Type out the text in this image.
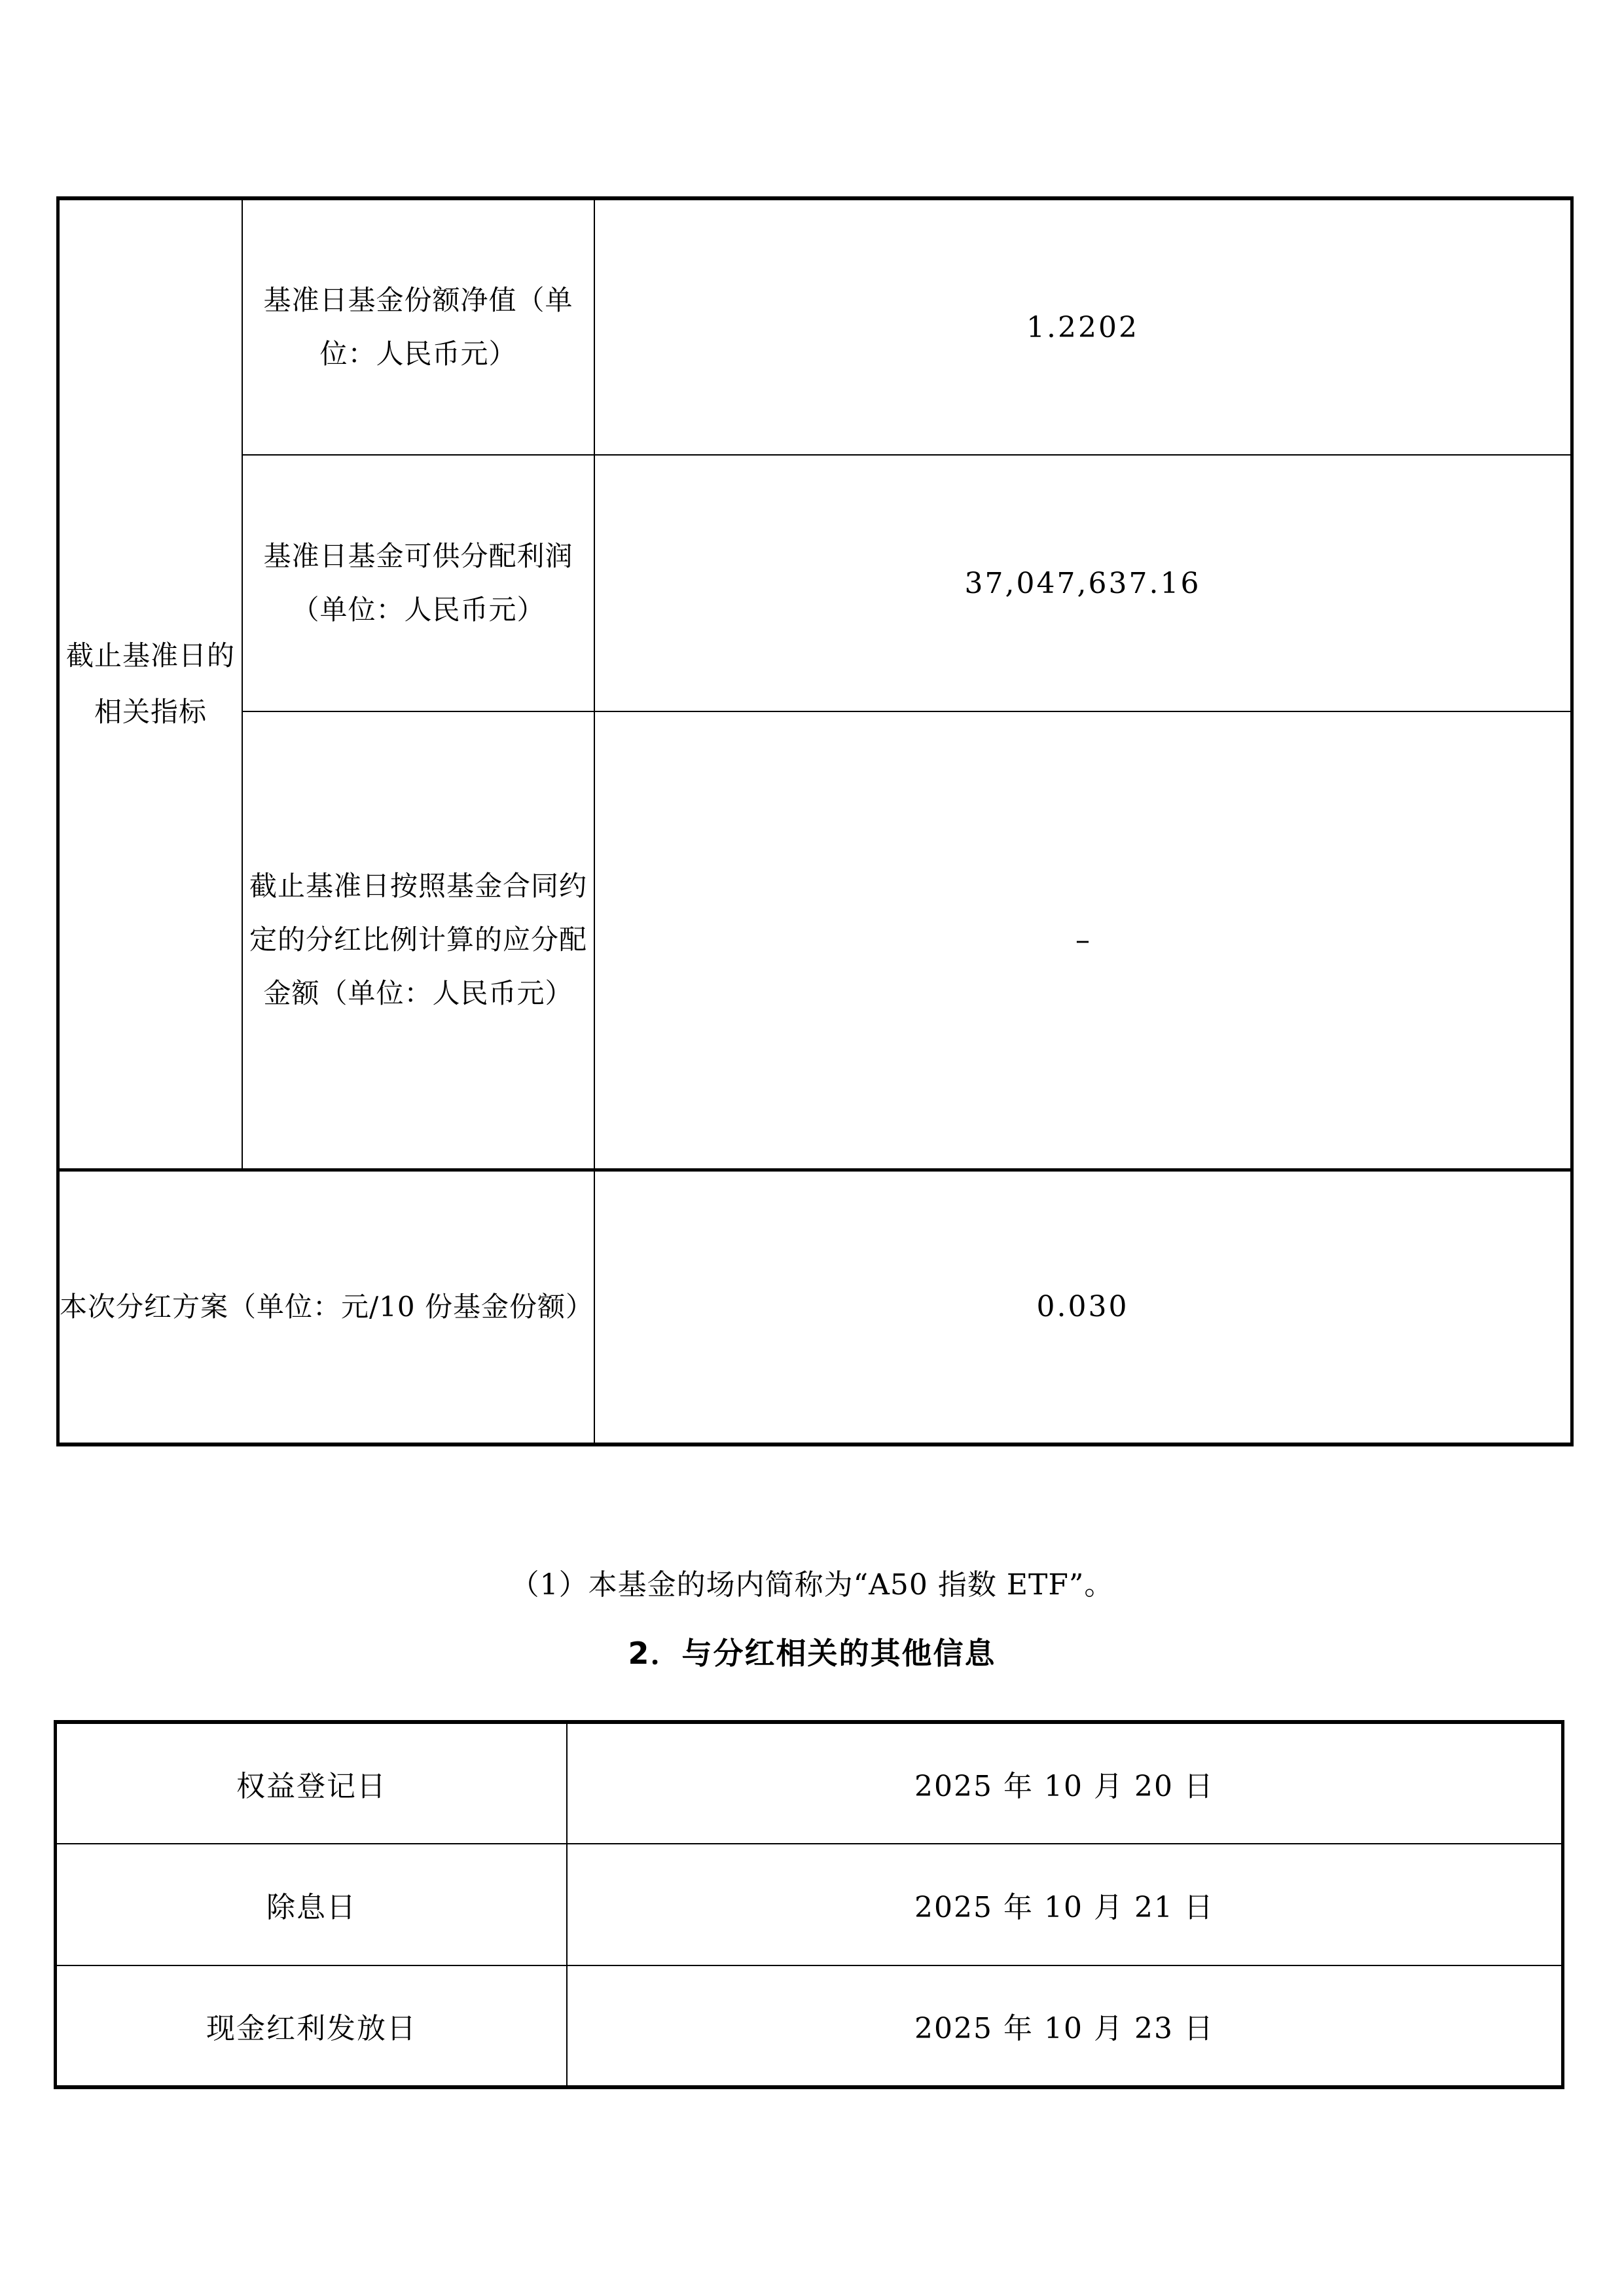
截止基准日的相关指标	基准日基金份额净值（单位：人民币元）	1.2202
	基准日基金可供分配利润（单位：人民币元）	37,047,637.16
	截止基准日按照基金合同约定的分红比例计算的应分配金额（单位：人民币元）	–
本次分红方案（单位：元/10 份基金份额）		0.030
（1）本基金的场内简称为“A50 指数 ETF”。
2．与分红相关的其他信息
权益登记日	2025 年 10 月 20 日
除息日	2025 年 10 月 21 日
现金红利发放日	2025 年 10 月 23 日
